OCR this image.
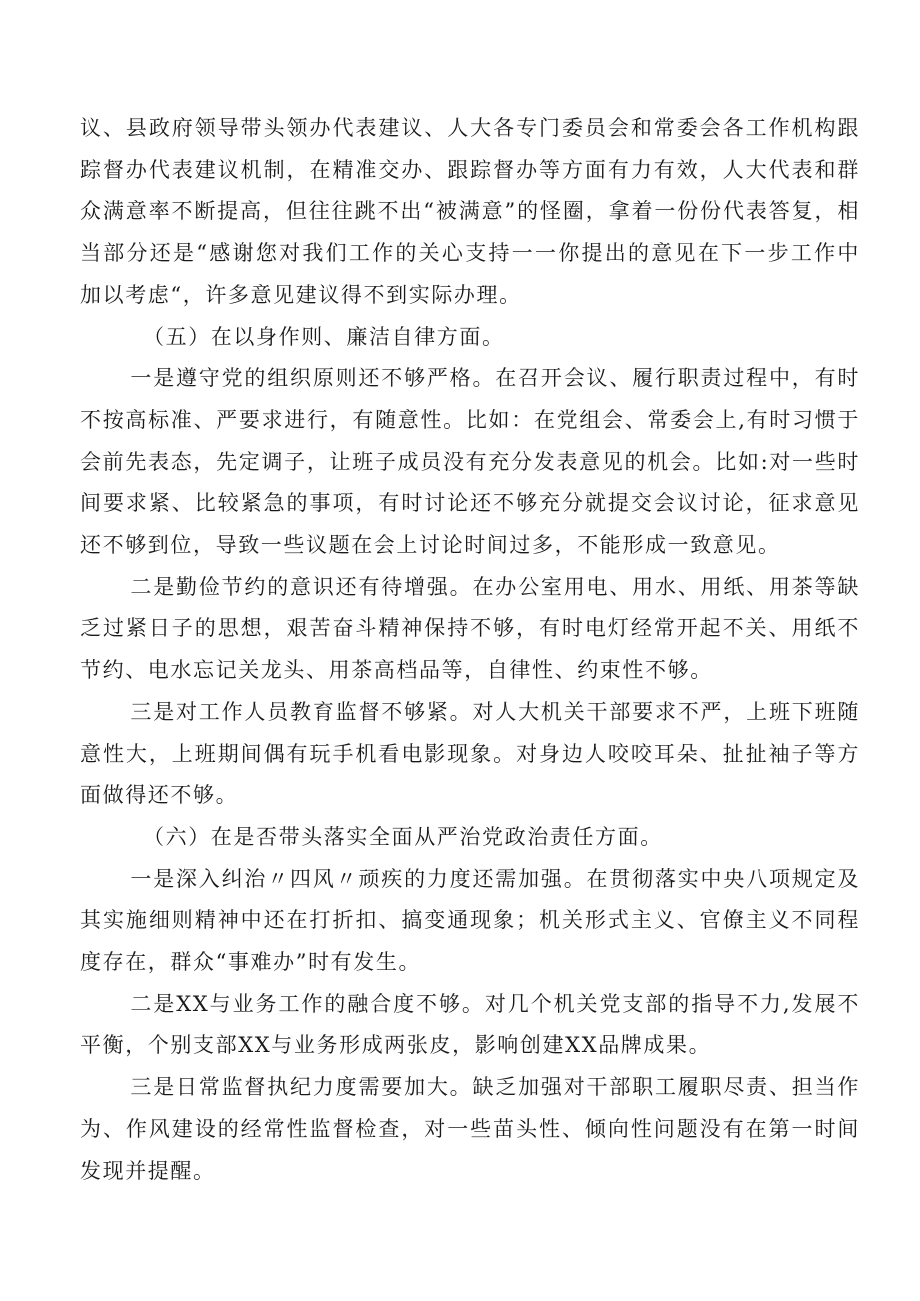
议、县政府领导带头领办代表建议、人大各专门委员会和常委会各工作机构跟踪督办代表建议机制，在精准交办、跟踪督办等方面有力有效，人大代表和群众满意率不断提高，但往往跳不出“被满意”的怪圈，拿着一份份代表答复，相当部分还是“感谢您对我们工作的关心支持一一你提出的意见在下一步工作中加以考虑“，许多意见建议得不到实际办理。

（五）在以身作则、廉洁自律方面。

一是遵守党的组织原则还不够严格。在召开会议、履行职责过程中，有时不按高标准、严要求进行，有随意性。比如：在党组会、常委会上,有时习惯于会前先表态，先定调子，让班子成员没有充分发表意见的机会。比如:对一些时间要求紧、比较紧急的事项，有时讨论还不够充分就提交会议讨论，征求意见还不够到位，导致一些议题在会上讨论时间过多，不能形成一致意见。

二是勤俭节约的意识还有待增强。在办公室用电、用水、用纸、用茶等缺乏过紧日子的思想，艰苦奋斗精神保持不够，有时电灯经常开起不关、用纸不节约、电水忘记关龙头、用茶高档品等，自律性、约束性不够。

三是对工作人员教育监督不够紧。对人大机关干部要求不严，上班下班随意性大，上班期间偶有玩手机看电影现象。对身边人咬咬耳朵、扯扯袖子等方面做得还不够。

（六）在是否带头落实全面从严治党政治责任方面。

一是深入纠治〃四风〃顽疾的力度还需加强。在贯彻落实中央八项规定及其实施细则精神中还在打折扣、搞变通现象；机关形式主义、官僚主义不同程度存在，群众“事难办”时有发生。

二是XX与业务工作的融合度不够。对几个机关党支部的指导不力,发展不平衡，个别支部XX与业务形成两张皮，影响创建XX品牌成果。

三是日常监督执纪力度需要加大。缺乏加强对干部职工履职尽责、担当作为、作风建设的经常性监督检查，对一些苗头性、倾向性问题没有在第一时间发现并提醒。
